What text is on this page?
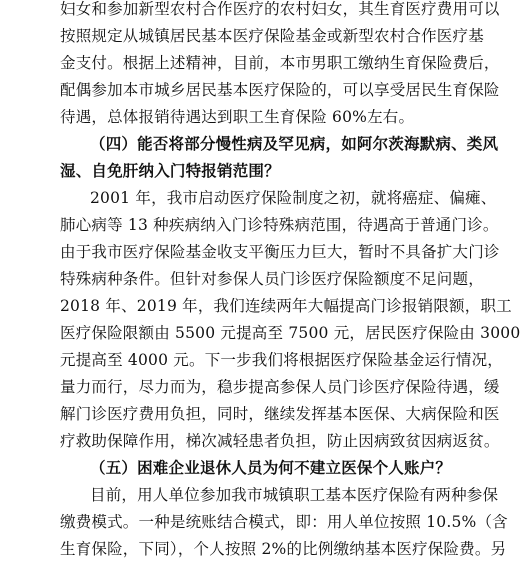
妇女和参加新型农村合作医疗的农村妇女，其生育医疗费用可以
按照规定从城镇居民基本医疗保险基金或新型农村合作医疗基
金支付。根据上述精神，目前，本市男职工缴纳生育保险费后，
配偶参加本市城乡居民基本医疗保险的，可以享受居民生育保险
待遇，总体报销待遇达到职工生育保险 60%左右。
（四）能否将部分慢性病及罕见病，如阿尔茨海默病、类风
湿、自免肝纳入门特报销范围？
2001 年，我市启动医疗保险制度之初，就将癌症、偏瘫、
肺心病等 13 种疾病纳入门诊特殊病范围，待遇高于普通门诊。
由于我市医疗保险基金收支平衡压力巨大，暂时不具备扩大门诊
特殊病种条件。但针对参保人员门诊医疗保险额度不足问题，
2018 年、2019 年，我们连续两年大幅提高门诊报销限额，职工
医疗保险限额由 5500 元提高至 7500 元，居民医疗保险由 3000
元提高至 4000 元。下一步我们将根据医疗保险基金运行情况，
量力而行，尽力而为，稳步提高参保人员门诊医疗保险待遇，缓
解门诊医疗费用负担，同时，继续发挥基本医保、大病保险和医
疗救助保障作用，梯次减轻患者负担，防止因病致贫因病返贫。
（五）困难企业退休人员为何不建立医保个人账户？
目前，用人单位参加我市城镇职工基本医疗保险有两种参保
缴费模式。一种是统账结合模式，即：用人单位按照 10.5%（含
生育保险，下同），个人按照 2%的比例缴纳基本医疗保险费。另
